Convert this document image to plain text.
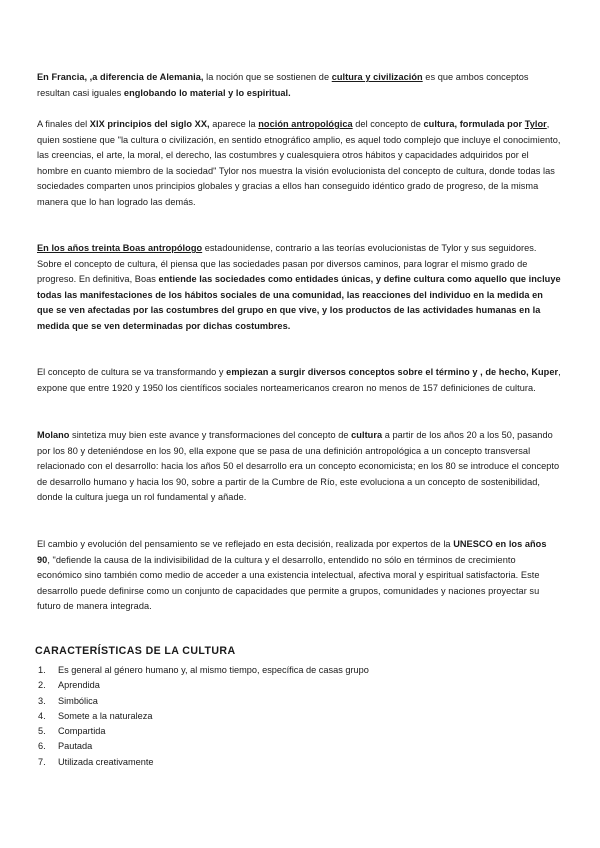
En Francia, ,a diferencia de Alemania, la noción que se sostienen de cultura y civilización es que ambos conceptos resultan casi iguales englobando lo material y lo espiritual.

A finales del XIX principios del siglo XX, aparece la noción antropológica del concepto de cultura, formulada por Tylor, quien sostiene que "la cultura o civilización, en sentido etnográfico amplio, es aquel todo complejo que incluye el conocimiento, las creencias, el arte, la moral, el derecho, las costumbres y cualesquiera otros hábitos y capacidades adquiridos por el hombre en cuanto miembro de la sociedad" Tylor nos muestra la visión evolucionista del concepto de cultura, donde todas las sociedades comparten unos principios globales y gracias a ellos han conseguido idéntico grado de progreso, de la misma manera que lo han logrado las demás.

En los años treinta Boas antropólogo estadounidense, contrario a las teorías evolucionistas de Tylor y sus seguidores. Sobre el concepto de cultura, él piensa que las sociedades pasan por diversos caminos, para lograr el mismo grado de progreso. En definitiva, Boas entiende las sociedades como entidades únicas, y define cultura como aquello que incluye todas las manifestaciones de los hábitos sociales de una comunidad, las reacciones del individuo en la medida en que se ven afectadas por las costumbres del grupo en que vive, y los productos de las actividades humanas en la medida que se ven determinadas por dichas costumbres.

El concepto de cultura se va transformando y empiezan a surgir diversos conceptos sobre el término y , de hecho, Kuper, expone que entre 1920 y 1950 los científicos sociales norteamericanos crearon no menos de 157 definiciones de cultura.

Molano sintetiza muy bien este avance y transformaciones del concepto de cultura a partir de los años 20 a los 50, pasando por los 80 y deteniéndose en los 90, ella expone que se pasa de una definición antropológica a un concepto transversal relacionado con el desarrollo: hacia los años 50 el desarrollo era un concepto economicista; en los 80 se introduce el concepto de desarrollo humano y hacia los 90, sobre a partir de la Cumbre de Río, este evoluciona a un concepto de sostenibilidad, donde la cultura juega un rol fundamental y añade.

El cambio y evolución del pensamiento se ve reflejado en esta decisión, realizada por expertos de la UNESCO en los años 90, "defiende la causa de la indivisibilidad de la cultura y el desarrollo, entendido no sólo en términos de crecimiento económico sino también como medio de acceder a una existencia intelectual, afectiva moral y espiritual satisfactoria. Este desarrollo puede definirse como un conjunto de capacidades que permite a grupos, comunidades y naciones proyectar su futuro de manera integrada.

CARACTERÍSTICAS DE LA CULTURA
1. Es general al género humano y, al mismo tiempo, específica de casas grupo
2. Aprendida
3. Simbólica
4. Somete a la naturaleza
5. Compartida
6. Pautada
7. Utilizada creativamente
